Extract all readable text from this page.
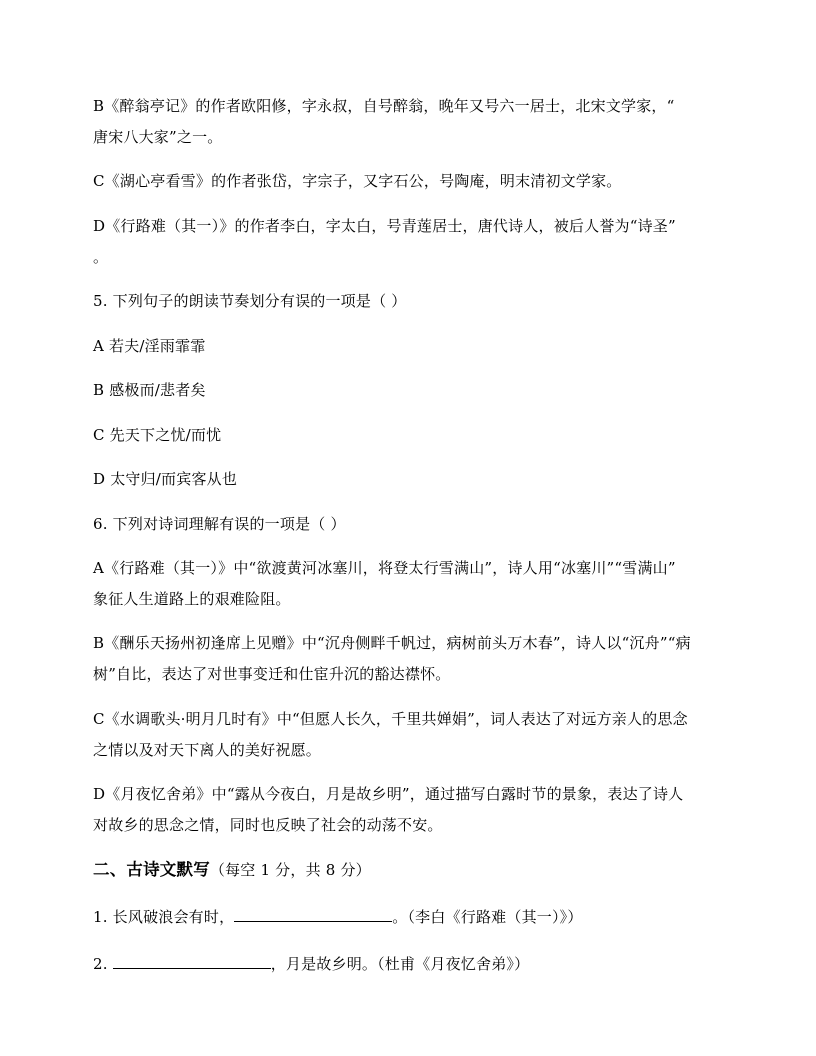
B《醉翁亭记》的作者欧阳修，字永叔，自号醉翁，晚年又号六一居士，北宋文学家，“
唐宋八大家”之一。
C《湖心亭看雪》的作者张岱，字宗子，又字石公，号陶庵，明末清初文学家。
D《行路难（其一）》的作者李白，字太白，号青莲居士，唐代诗人，被后人誉为“诗圣”
。
5. 下列句子的朗读节奏划分有误的一项是（ ）
A 若夫/淫雨霏霏
B 感极而/悲者矣
C 先天下之忧/而忧
D 太守归/而宾客从也
6. 下列对诗词理解有误的一项是（ ）
A《行路难（其一）》中“欲渡黄河冰塞川，将登太行雪满山”，诗人用“冰塞川”“雪满山”
象征人生道路上的艰难险阻。
B《酬乐天扬州初逢席上见赠》中“沉舟侧畔千帆过，病树前头万木春”，诗人以“沉舟”“病
树”自比，表达了对世事变迁和仕宦升沉的豁达襟怀。
C《水调歌头·明月几时有》中“但愿人长久，千里共婵娟”，词人表达了对远方亲人的思念
之情以及对天下离人的美好祝愿。
D《月夜忆舍弟》中“露从今夜白，月是故乡明”，通过描写白露时节的景象，表达了诗人
对故乡的思念之情，同时也反映了社会的动荡不安。
二、古诗文默写（每空 1 分，共 8 分）
1. 长风破浪会有时，	。（李白《行路难（其一）》）
2.	，月是故乡明。（杜甫《月夜忆舍弟》）
